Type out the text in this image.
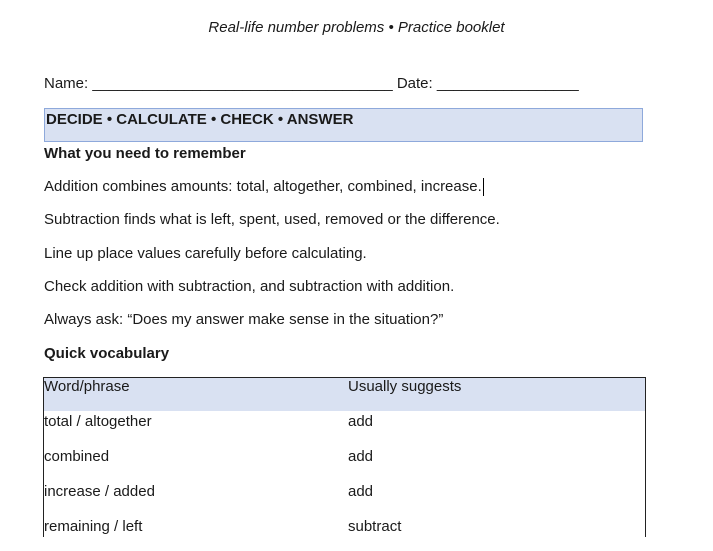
Real-life number problems • Practice booklet
Name: ____________________________________ Date: _________________
DECIDE • CALCULATE • CHECK • ANSWER
What you need to remember
Addition combines amounts: total, altogether, combined, increase.
Subtraction finds what is left, spent, used, removed or the difference.
Line up place values carefully before calculating.
Check addition with subtraction, and subtraction with addition.
Always ask: “Does my answer make sense in the situation?”
Quick vocabulary
Word/phrase	Usually suggests
total / altogether	add
combined	add
increase / added	add
remaining / left	subtract
